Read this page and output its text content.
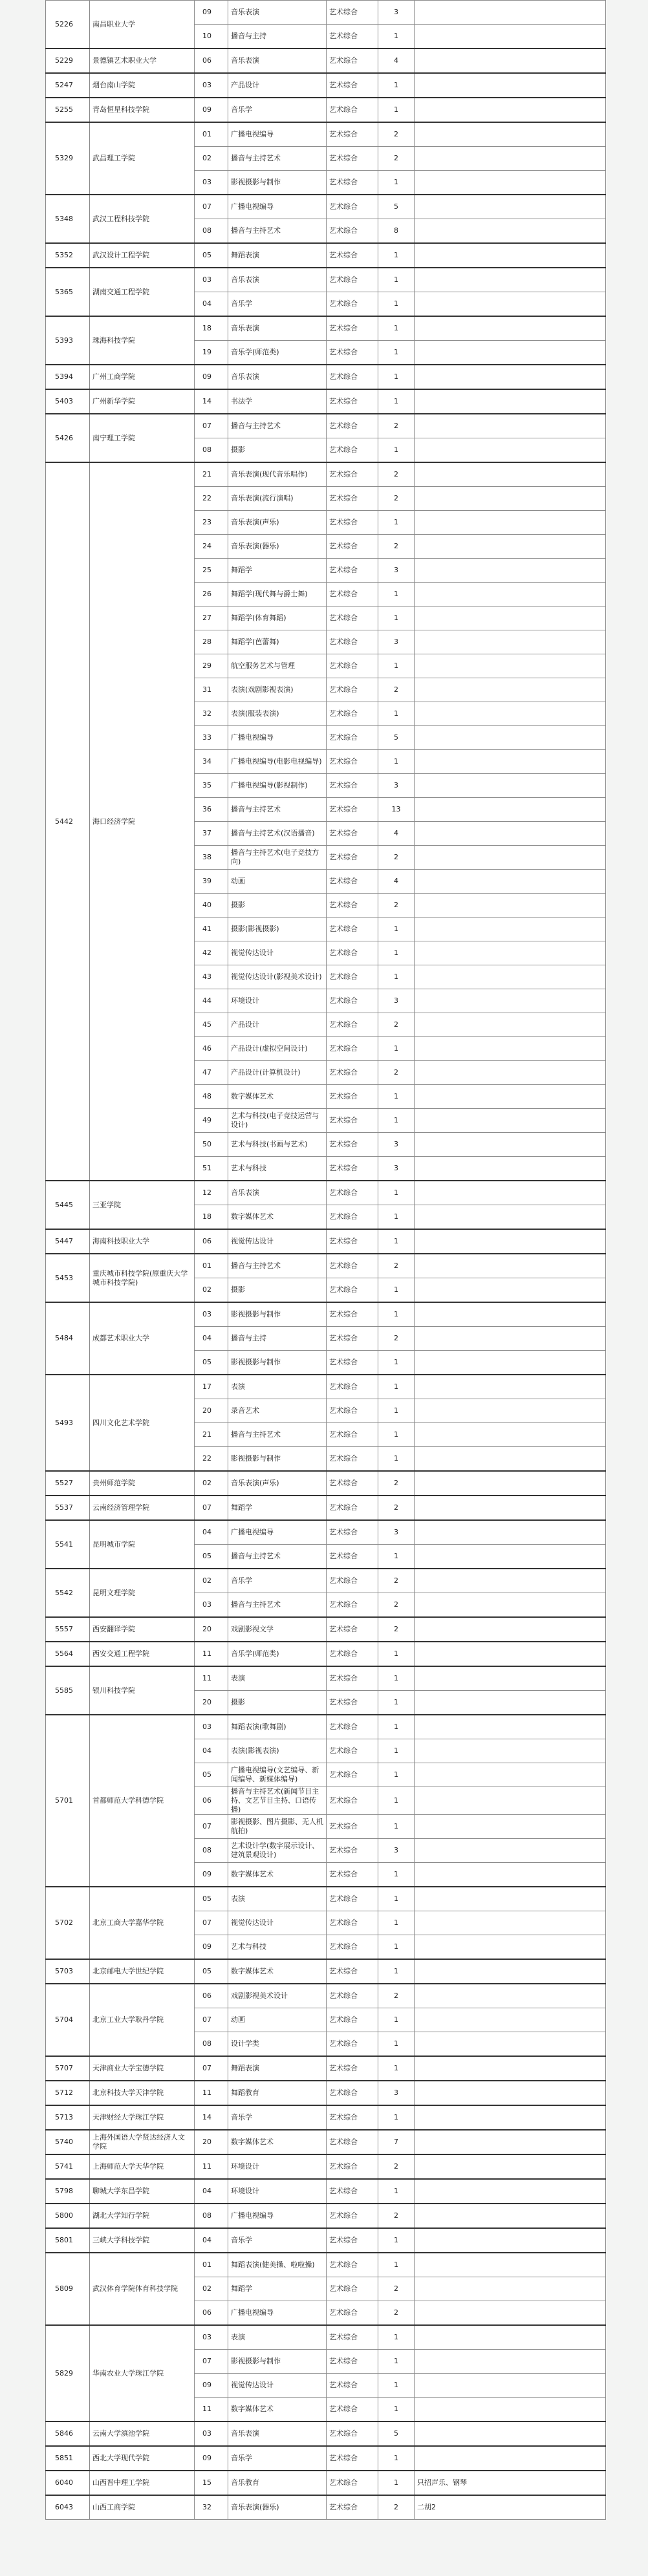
5226	南昌职业大学	09	音乐表演	艺术综合	3	
		10	播音与主持	艺术综合	1	
5229	景德镇艺术职业大学	06	音乐表演	艺术综合	4	
5247	烟台南山学院	03	产品设计	艺术综合	1	
5255	青岛恒星科技学院	09	音乐学	艺术综合	1	
5329	武昌理工学院	01	广播电视编导	艺术综合	2	
		02	播音与主持艺术	艺术综合	2	
		03	影视摄影与制作	艺术综合	1	
5348	武汉工程科技学院	07	广播电视编导	艺术综合	5	
		08	播音与主持艺术	艺术综合	8	
5352	武汉设计工程学院	05	舞蹈表演	艺术综合	1	
5365	湖南交通工程学院	03	音乐表演	艺术综合	1	
		04	音乐学	艺术综合	1	
5393	珠海科技学院	18	音乐表演	艺术综合	1	
		19	音乐学(师范类)	艺术综合	1	
5394	广州工商学院	09	音乐表演	艺术综合	1	
5403	广州新华学院	14	书法学	艺术综合	1	
5426	南宁理工学院	07	播音与主持艺术	艺术综合	2	
		08	摄影	艺术综合	1	
5442	海口经济学院	21	音乐表演(现代音乐唱作)	艺术综合	2	
		22	音乐表演(流行演唱)	艺术综合	2	
		23	音乐表演(声乐)	艺术综合	1	
		24	音乐表演(器乐)	艺术综合	2	
		25	舞蹈学	艺术综合	3	
		26	舞蹈学(现代舞与爵士舞)	艺术综合	1	
		27	舞蹈学(体育舞蹈)	艺术综合	1	
		28	舞蹈学(芭蕾舞)	艺术综合	3	
		29	航空服务艺术与管理	艺术综合	1	
		31	表演(戏剧影视表演)	艺术综合	2	
		32	表演(服装表演)	艺术综合	1	
		33	广播电视编导	艺术综合	5	
		34	广播电视编导(电影电视编导)	艺术综合	1	
		35	广播电视编导(影视制作)	艺术综合	3	
		36	播音与主持艺术	艺术综合	13	
		37	播音与主持艺术(汉语播音)	艺术综合	4	
		38	播音与主持艺术(电子竞技方向)	艺术综合	2	
		39	动画	艺术综合	4	
		40	摄影	艺术综合	2	
		41	摄影(影视摄影)	艺术综合	1	
		42	视觉传达设计	艺术综合	1	
		43	视觉传达设计(影视美术设计)	艺术综合	1	
		44	环境设计	艺术综合	3	
		45	产品设计	艺术综合	2	
		46	产品设计(虚拟空间设计)	艺术综合	1	
		47	产品设计(计算机设计)	艺术综合	2	
		48	数字媒体艺术	艺术综合	1	
		49	艺术与科技(电子竞技运营与设计)	艺术综合	1	
		50	艺术与科技(书画与艺术)	艺术综合	3	
		51	艺术与科技	艺术综合	3	
5445	三亚学院	12	音乐表演	艺术综合	1	
		18	数字媒体艺术	艺术综合	1	
5447	海南科技职业大学	06	视觉传达设计	艺术综合	1	
5453	重庆城市科技学院(原重庆大学城市科技学院)	01	播音与主持艺术	艺术综合	2	
		02	摄影	艺术综合	1	
5484	成都艺术职业大学	03	影视摄影与制作	艺术综合	1	
		04	播音与主持	艺术综合	2	
		05	影视摄影与制作	艺术综合	1	
5493	四川文化艺术学院	17	表演	艺术综合	1	
		20	录音艺术	艺术综合	1	
		21	播音与主持艺术	艺术综合	1	
		22	影视摄影与制作	艺术综合	1	
5527	贵州师范学院	02	音乐表演(声乐)	艺术综合	2	
5537	云南经济管理学院	07	舞蹈学	艺术综合	2	
5541	昆明城市学院	04	广播电视编导	艺术综合	3	
		05	播音与主持艺术	艺术综合	1	
5542	昆明文理学院	02	音乐学	艺术综合	2	
		03	播音与主持艺术	艺术综合	2	
5557	西安翻译学院	20	戏剧影视文学	艺术综合	2	
5564	西安交通工程学院	11	音乐学(师范类)	艺术综合	1	
5585	银川科技学院	11	表演	艺术综合	1	
		20	摄影	艺术综合	1	
5701	首都师范大学科德学院	03	舞蹈表演(歌舞剧)	艺术综合	1	
		04	表演(影视表演)	艺术综合	1	
		05	广播电视编导(文艺编导、新闻编导、新媒体编导)	艺术综合	1	
		06	播音与主持艺术(新闻节目主持、文艺节目主持、口语传播)	艺术综合	1	
		07	影视摄影、图片摄影、无人机航拍)	艺术综合	1	
		08	艺术设计学(数字展示设计、建筑景观设计)	艺术综合	3	
		09	数字媒体艺术	艺术综合	1	
5702	北京工商大学嘉华学院	05	表演	艺术综合	1	
		07	视觉传达设计	艺术综合	1	
		09	艺术与科技	艺术综合	1	
5703	北京邮电大学世纪学院	05	数字媒体艺术	艺术综合	1	
5704	北京工业大学耿丹学院	06	戏剧影视美术设计	艺术综合	2	
		07	动画	艺术综合	1	
		08	设计学类	艺术综合	1	
5707	天津商业大学宝德学院	07	舞蹈表演	艺术综合	1	
5712	北京科技大学天津学院	11	舞蹈教育	艺术综合	3	
5713	天津财经大学珠江学院	14	音乐学	艺术综合	1	
5740	上海外国语大学贤达经济人文学院	20	数字媒体艺术	艺术综合	7	
5741	上海师范大学天华学院	11	环境设计	艺术综合	2	
5798	聊城大学东昌学院	04	环境设计	艺术综合	1	
5800	湖北大学知行学院	08	广播电视编导	艺术综合	2	
5801	三峡大学科技学院	04	音乐学	艺术综合	1	
5809	武汉体育学院体育科技学院	01	舞蹈表演(健美操、啦啦操)	艺术综合	1	
		02	舞蹈学	艺术综合	2	
		06	广播电视编导	艺术综合	2	
5829	华南农业大学珠江学院	03	表演	艺术综合	1	
		07	影视摄影与制作	艺术综合	1	
		09	视觉传达设计	艺术综合	1	
		11	数字媒体艺术	艺术综合	1	
5846	云南大学滇池学院	03	音乐表演	艺术综合	5	
5851	西北大学现代学院	09	音乐学	艺术综合	1	
6040	山西晋中理工学院	15	音乐教育	艺术综合	1	只招声乐、钢琴
6043	山西工商学院	32	音乐表演(器乐)	艺术综合	2	二胡2
